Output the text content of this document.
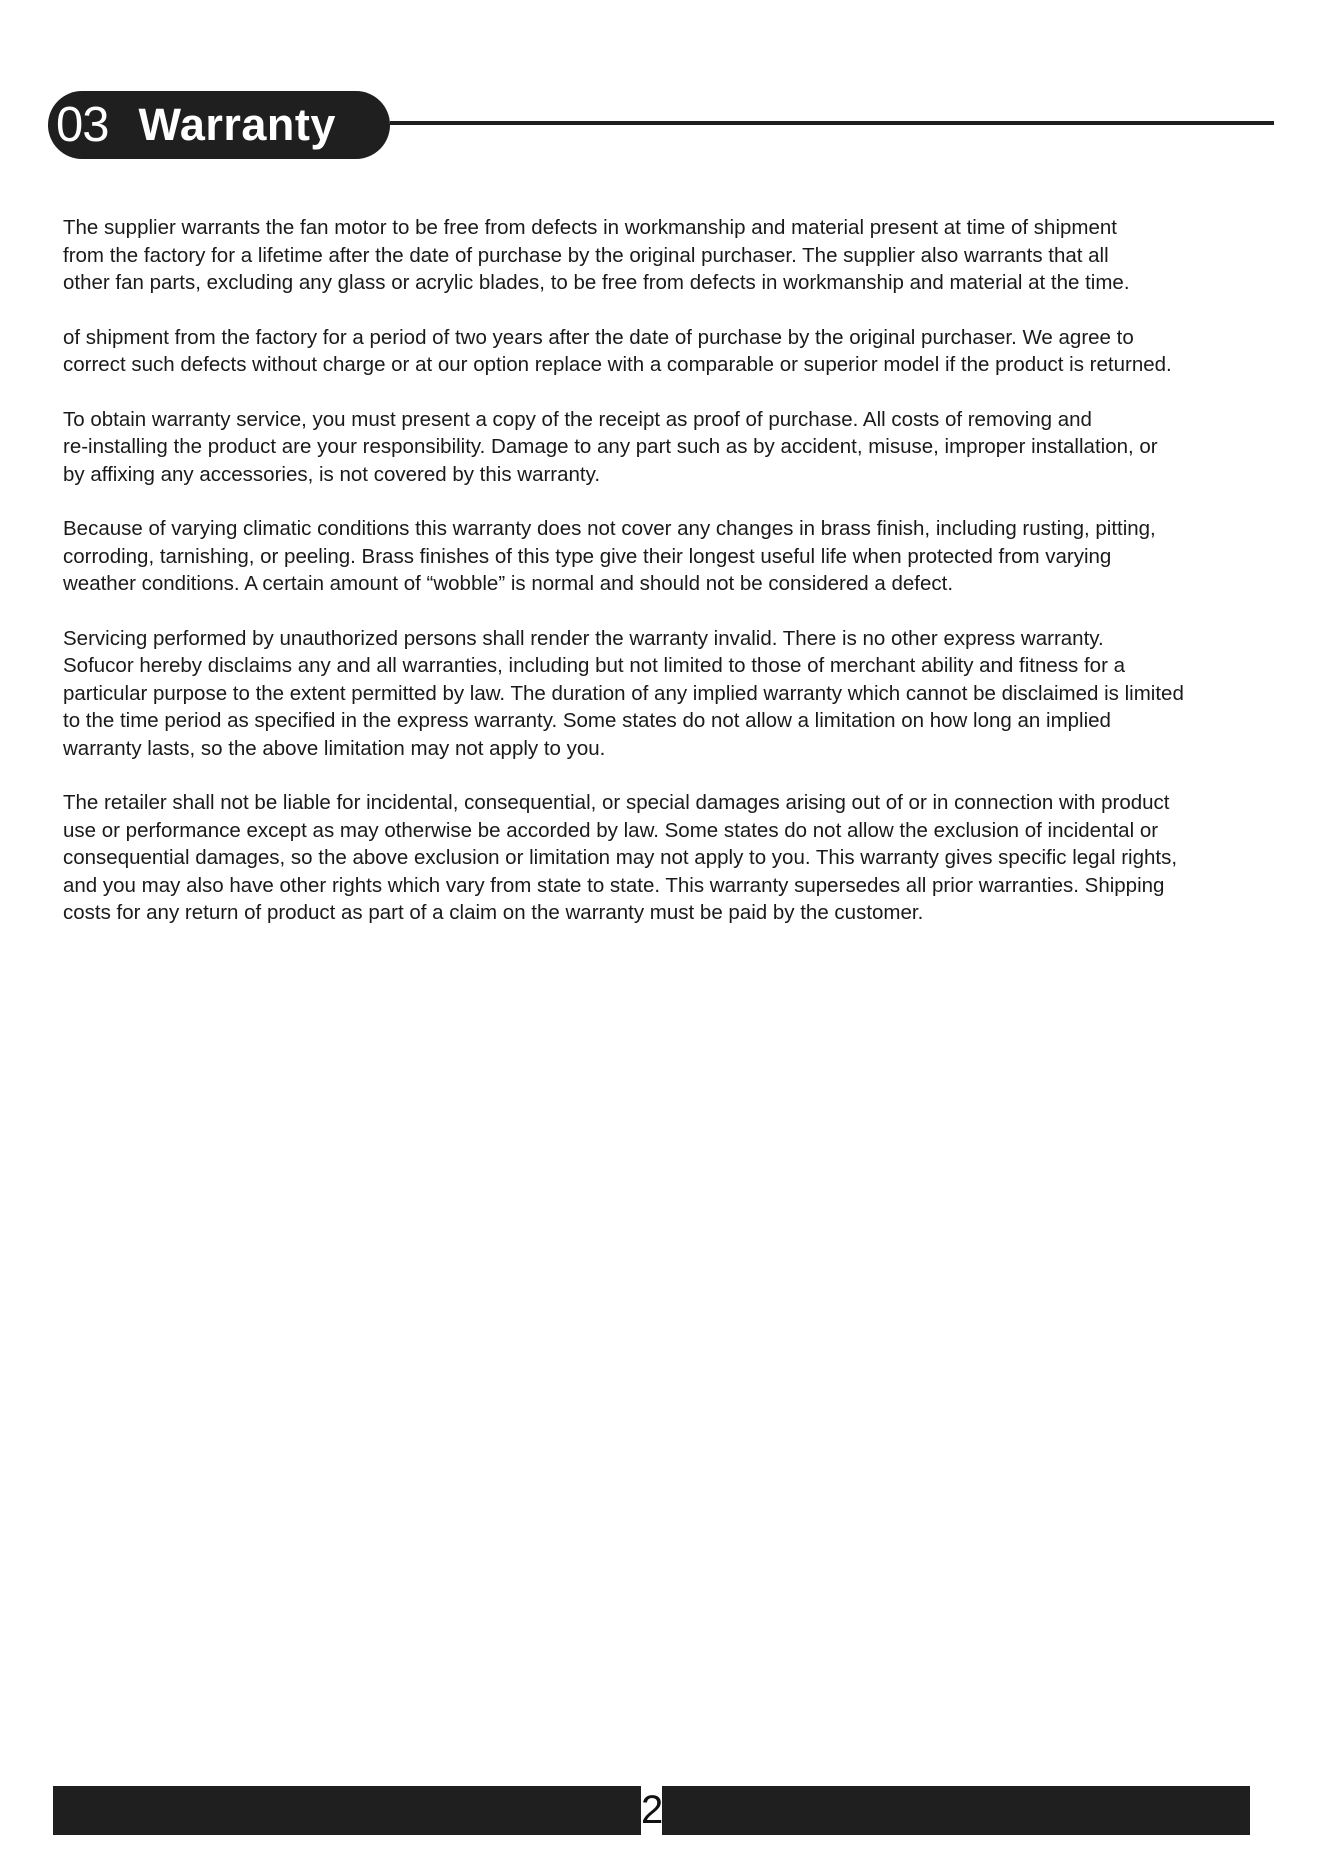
03 Warranty

The supplier warrants the fan motor to be free from defects in workmanship and material present at time of shipment
from the factory for a lifetime after the date of purchase by the original purchaser. The supplier also warrants that all
other fan parts, excluding any glass or acrylic blades, to be free from defects in workmanship and material at the time.

of shipment from the factory for a period of two years after the date of purchase by the original purchaser. We agree to
correct such defects without charge or at our option replace with a comparable or superior model if the product is returned.

To obtain warranty service, you must present a copy of the receipt as proof of purchase. All costs of removing and
re-installing the product are your responsibility. Damage to any part such as by accident, misuse, improper installation, or
by affixing any accessories, is not covered by this warranty.

Because of varying climatic conditions this warranty does not cover any changes in brass finish, including rusting, pitting,
corroding, tarnishing, or peeling. Brass finishes of this type give their longest useful life when protected from varying
weather conditions. A certain amount of “wobble” is normal and should not be considered a defect.

Servicing performed by unauthorized persons shall render the warranty invalid. There is no other express warranty.
Sofucor hereby disclaims any and all warranties, including but not limited to those of merchant ability and fitness for a
particular purpose to the extent permitted by law. The duration of any implied warranty which cannot be disclaimed is limited
to the time period as specified in the express warranty. Some states do not allow a limitation on how long an implied
warranty lasts, so the above limitation may not apply to you.

The retailer shall not be liable for incidental, consequential, or special damages arising out of or in connection with product
use or performance except as may otherwise be accorded by law. Some states do not allow the exclusion of incidental or
consequential damages, so the above exclusion or limitation may not apply to you. This warranty gives specific legal rights,
and you may also have other rights which vary from state to state. This warranty supersedes all prior warranties. Shipping
costs for any return of product as part of a claim on the warranty must be paid by the customer.

2
